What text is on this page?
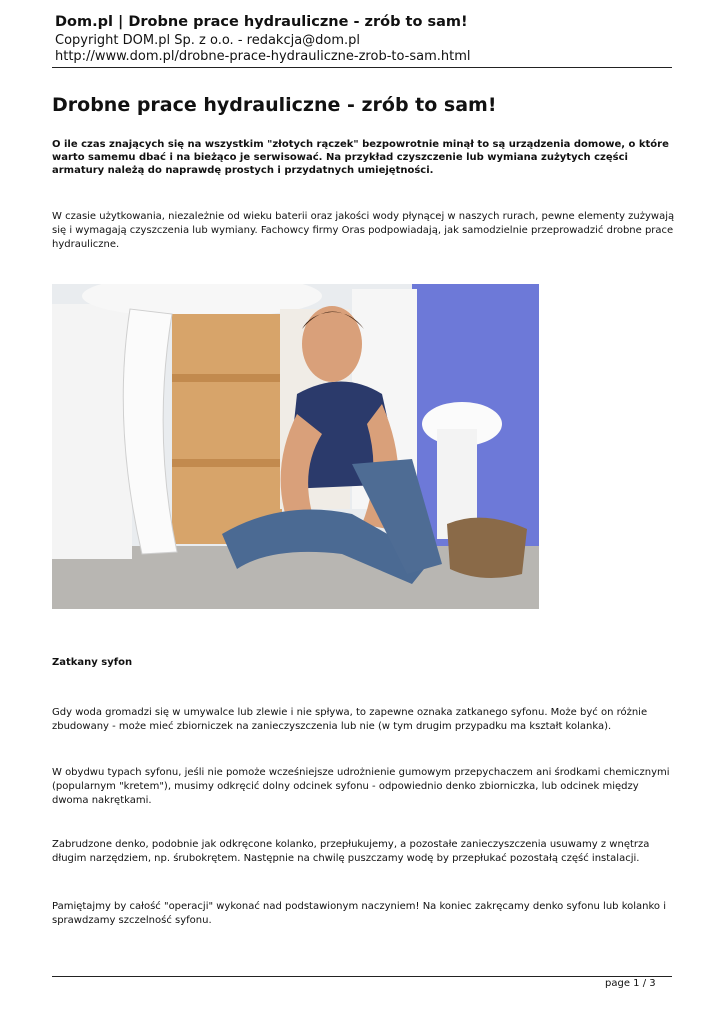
Dom.pl | Drobne prace hydrauliczne - zrób to sam!
Copyright DOM.pl Sp. z o.o. - redakcja@dom.pl
http://www.dom.pl/drobne-prace-hydrauliczne-zrob-to-sam.html
Drobne prace hydrauliczne - zrób to sam!
O ile czas znających się na wszystkim "złotych rączek" bezpowrotnie minął to są urządzenia domowe, o które warto samemu dbać i na bieżąco je serwisować. Na przykład czyszczenie lub wymiana zużytych części armatury należą do naprawdę prostych i przydatnych umiejętności.
W czasie użytkowania, niezależnie od wieku baterii oraz jakości wody płynącej w naszych rurach, pewne elementy zużywają się i wymagają czyszczenia lub wymiany. Fachowcy firmy Oras podpowiadają, jak samodzielnie przeprowadzić drobne prace hydrauliczne.
Zatkany syfon
Gdy woda gromadzi się w umywalce lub zlewie i nie spływa, to zapewne oznaka zatkanego syfonu. Może być on różnie zbudowany - może mieć zbiorniczek na zanieczyszczenia lub nie (w tym drugim przypadku ma kształt kolanka).
W obydwu typach syfonu, jeśli nie pomoże wcześniejsze udrożnienie gumowym przepychaczem ani środkami chemicznymi (popularnym "kretem"), musimy odkręcić dolny odcinek syfonu - odpowiednio denko zbiorniczka, lub odcinek między dwoma nakrętkami.
Zabrudzone denko, podobnie jak odkręcone kolanko, przepłukujemy, a pozostałe zanieczyszczenia usuwamy z wnętrza długim narzędziem, np. śrubokrętem. Następnie na chwilę puszczamy wodę by przepłukać pozostałą część instalacji.
Pamiętajmy by całość "operacji" wykonać nad podstawionym naczyniem! Na koniec zakręcamy denko syfonu lub kolanko i sprawdzamy szczelność syfonu.
page 1 / 3
